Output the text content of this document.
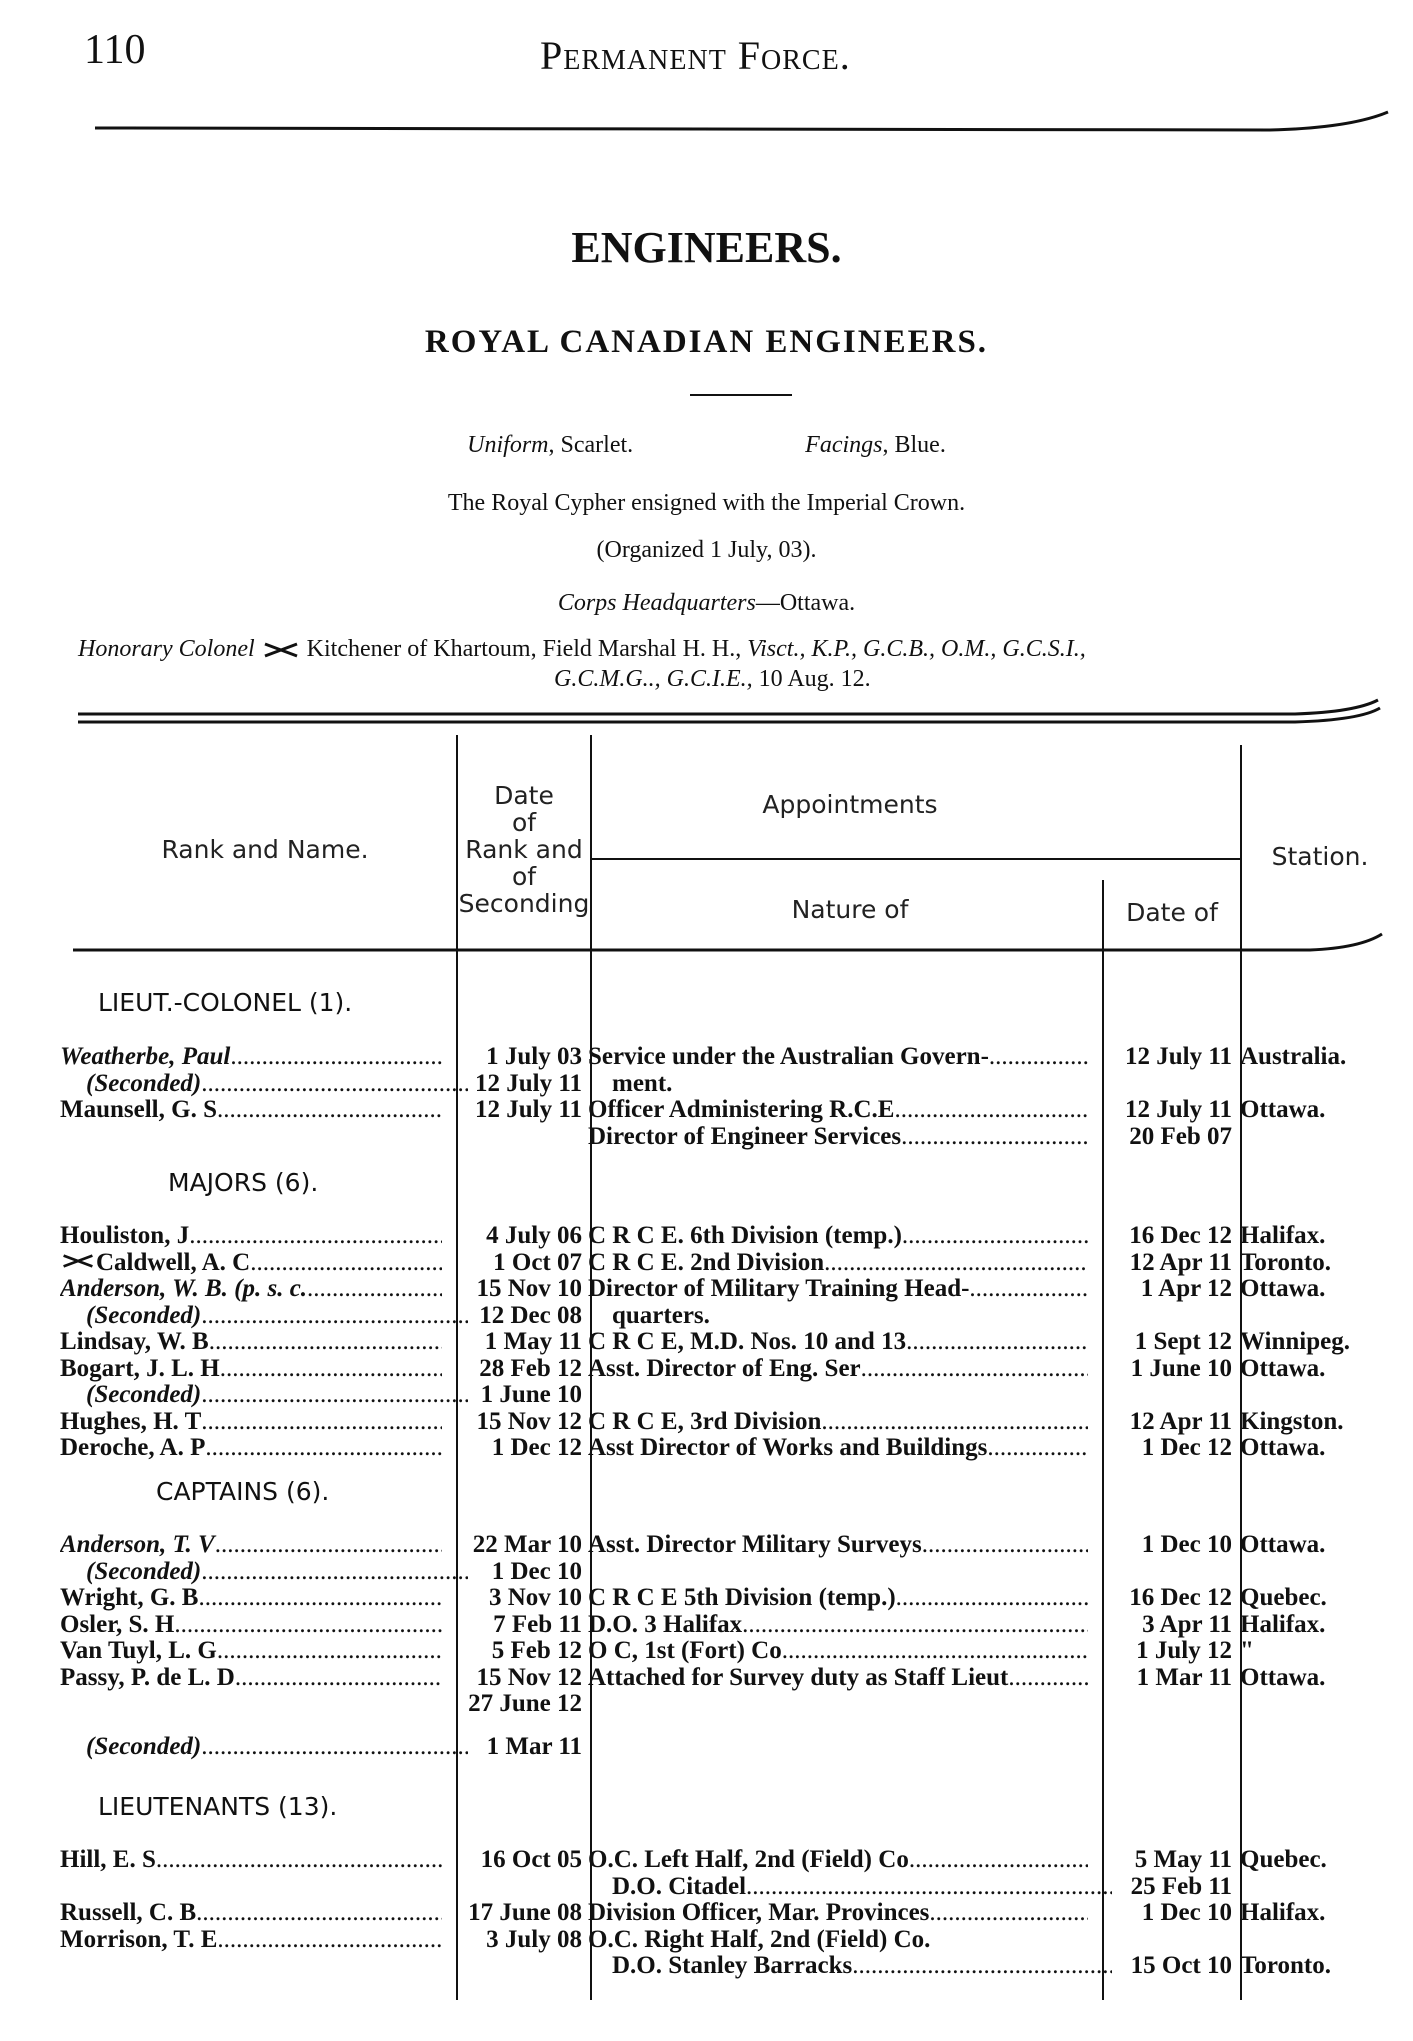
110	Permanent Force.
ENGINEERS.
ROYAL CANADIAN ENGINEERS.
Uniform, Scarlet.	Facings, Blue.
The Royal Cypher ensigned with the Imperial Crown.
(Organized 1 July, 03).
Corps Headquarters—Ottawa.
Honorary Colonel Kitchener of Khartoum, Field Marshal H. H., Visct., K.P., G.C.B., O.M., G.C.S.I.,
G.C.M.G.., G.C.I.E., 10 Aug. 12.
Rank and Name.
Date
of
Rank and
of
Seconding
Appointments
Nature of	Date of
Station.
LIEUT.-COLONEL (1).
Weatherbe, Paul .....	1 July 03 Service under the Australian Govern- .....	12 July 11 Australia.
(Seconded) .....	12 July 11	ment.
Maunsell, G. S .....	12 July 11 Officer Administering R.C.E .....	12 July 11 Ottawa.
Director of Engineer Services .....	20 Feb 07
MAJORS (6).
Houliston, J .....	4 July 06 C R C E. 6th Division (temp.) .....	16 Dec 12 Halifax.
Caldwell, A. C .....	1 Oct 07 C R C E. 2nd Division .....	12 Apr 11 Toronto.
Anderson, W. B. (p. s. c. .....	15 Nov 10 Director of Military Training Head- .....	1 Apr 12 Ottawa.
(Seconded) .....	12 Dec 08	quarters.
Lindsay, W. B .....	1 May 11 C R C E, M.D. Nos. 10 and 13 .....	1 Sept 12 Winnipeg.
Bogart, J. L. H .....	28 Feb 12 Asst. Director of Eng. Ser .....	1 June 10 Ottawa.
(Seconded) .....	1 June 10
Hughes, H. T .....	15 Nov 12 C R C E, 3rd Division .....	12 Apr 11 Kingston.
Deroche, A. P .....	1 Dec 12 Asst Director of Works and Buildings .....	1 Dec 12 Ottawa.
CAPTAINS (6).
Anderson, T. V .....	22 Mar 10 Asst. Director Military Surveys .....	1 Dec 10 Ottawa.
(Seconded) .....	1 Dec 10
Wright, G. B .....	3 Nov 10 C R C E 5th Division (temp.) .....	16 Dec 12 Quebec.
Osler, S. H .....	7 Feb 11 D.O. 3 Halifax .....	3 Apr 11 Halifax.
Van Tuyl, L. G .....	5 Feb 12 O C, 1st (Fort) Co .....	1 July 12 "
Passy, P. de L. D .....	15 Nov 12 Attached for Survey duty as Staff Lieut .....	1 Mar 11 Ottawa.
27 June 12
(Seconded) .....	1 Mar 11
LIEUTENANTS (13).
Hill, E. S .....	16 Oct 05 O.C. Left Half, 2nd (Field) Co .....	5 May 11 Quebec.
D.O. Citadel .....	25 Feb 11
Russell, C. B .....	17 June 08 Division Officer, Mar. Provinces .....	1 Dec 10 Halifax.
Morrison, T. E .....	3 July 08 O.C. Right Half, 2nd (Field) Co.
D.O. Stanley Barracks .....	15 Oct 10 Toronto.
